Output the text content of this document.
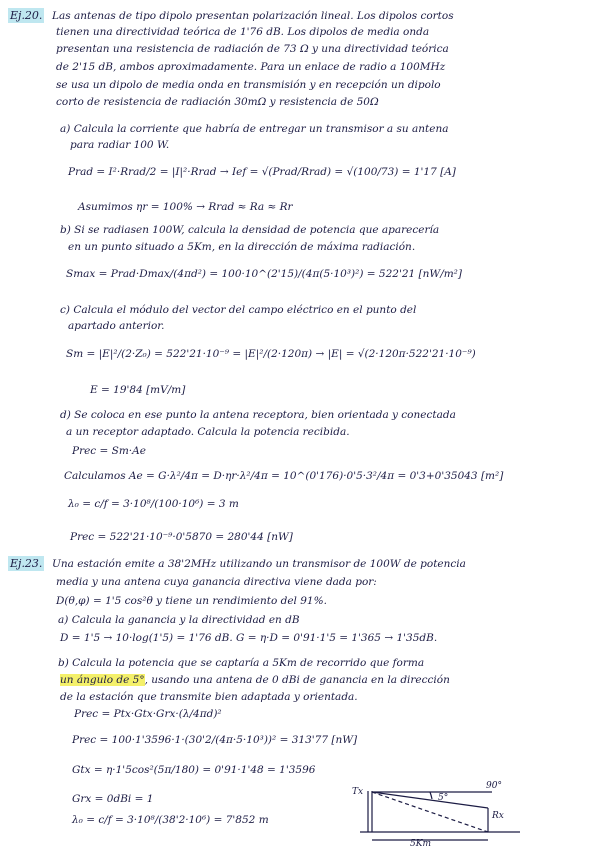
Ej.20. Las antenas de tipo dipolo presentan polarización lineal. Los dipolos cortos
tienen una directividad teórica de 1'76 dB. Los dipolos de media onda
presentan una resistencia de radiación de 73 Ω y una directividad teórica
de 2'15 dB, ambos aproximadamente. Para un enlace de radio a 100MHz
se usa un dipolo de media onda en transmisión y en recepción un dipolo
corto de resistencia de radiación 30mΩ y resistencia de 50Ω
a) Calcula la corriente que habría de entregar un transmisor a su antena
para radiar 100 W.
Prad = I²·Rrad/2 = |I|²·Rrad → Ief = √(Prad/Rrad) = √(100/73) = 1'17 [A]
Asumimos ηr = 100% → Rrad ≈ Ra ≈ Rr
b) Si se radiasen 100W, calcula la densidad de potencia que aparecería
en un punto situado a 5Km, en la dirección de máxima radiación.
Smax = Prad·Dmax/(4πd²) = 100·10^(2'15)/(4π(5·10³)²) = 522'21 [nW/m²]
c) Calcula el módulo del vector del campo eléctrico en el punto del
apartado anterior.
Sm = |E|²/(2·Z₀) = 522'21·10⁻⁹ = |E|²/(2·120π) → |E| = √(2·120π·522'21·10⁻⁹)
E = 19'84 [mV/m]
d) Se coloca en ese punto la antena receptora, bien orientada y conectada
a un receptor adaptado. Calcula la potencia recibida.
Prec = Sm·Ae
Calculamos Ae = G·λ²/4π = D·ηr·λ²/4π = 10^(0'176)·0'5·3²/4π = 0'3+0'35043 [m²]
λ₀ = c/f = 3·10⁸/(100·10⁶) = 3 m
Prec = 522'21·10⁻⁹·0'5870 = 280'44 [nW]
Ej.23. Una estación emite a 38'2MHz utilizando un transmisor de 100W de potencia
media y una antena cuya ganancia directiva viene dada por:
D(θ,φ) = 1'5 cos²θ y tiene un rendimiento del 91%.
a) Calcula la ganancia y la directividad en dB
D = 1'5 → 10·log(1'5) = 1'76 dB. G = η·D = 0'91·1'5 = 1'365 → 1'35dB.
b) Calcula la potencia que se captaría a 5Km de recorrido que forma
un ángulo de 5°, usando una antena de 0 dBi de ganancia en la dirección
de la estación que transmite bien adaptada y orientada.
Prec = Ptx·Gtx·Grx·(λ/4πd)²
Prec = 100·1'3596·1·(30'2/(4π·5·10³))² = 313'77 [nW]
Gtx = η·1'5cos²(5π/180) = 0'91·1'48 = 1'3596
Grx = 0dBi = 1
λ₀ = c/f = 3·10⁸/(38'2·10⁶) = 7'852 m
Tx
Rx
5°
90°
5Km
